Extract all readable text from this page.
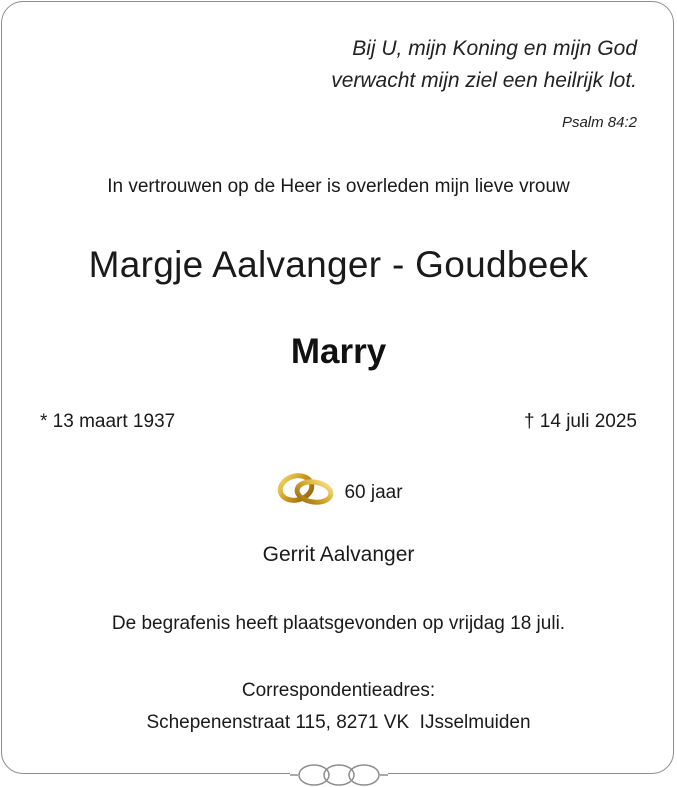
Bij U, mijn Koning en mijn God
verwacht mijn ziel een heilrijk lot.
Psalm 84:2
In vertrouwen op de Heer is overleden mijn lieve vrouw
Margje Aalvanger - Goudbeek
Marry
* 13 maart 1937	† 14 juli 2025
60 jaar
Gerrit Aalvanger
De begrafenis heeft plaatsgevonden op vrijdag 18 juli.
Correspondentieadres:
Schepenenstraat 115, 8271 VK  IJsselmuiden
